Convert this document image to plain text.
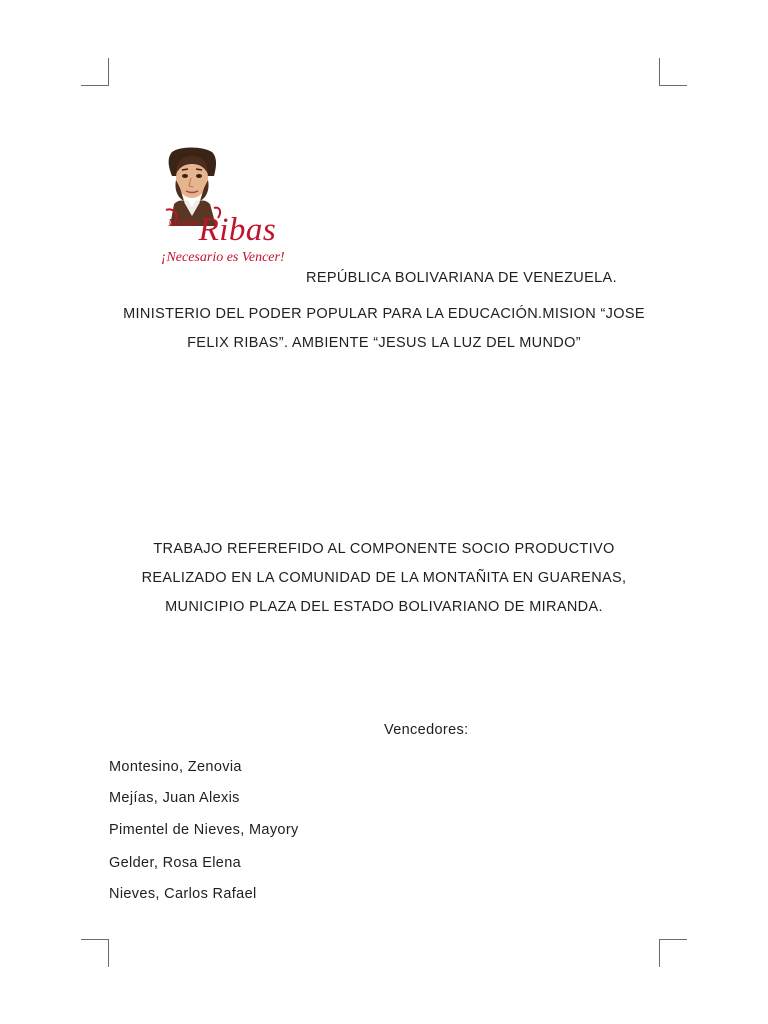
$^{Misión}$Ribas
¡Necesario es Vencer!
REPÚBLICA BOLIVARIANA DE VENEZUELA.
MINISTERIO DEL PODER POPULAR PARA LA EDUCACIÓN.MISION “JOSE
FELIX RIBAS”. AMBIENTE “JESUS LA LUZ DEL MUNDO”
TRABAJO REFEREFIDO AL COMPONENTE SOCIO PRODUCTIVO
REALIZADO EN LA COMUNIDAD DE LA MONTAÑITA EN GUARENAS,
MUNICIPIO PLAZA DEL ESTADO BOLIVARIANO DE MIRANDA.
Vencedores:
Montesino, Zenovia
Mejías, Juan Alexis
Pimentel de Nieves, Mayory
Gelder, Rosa Elena
Nieves, Carlos Rafael
